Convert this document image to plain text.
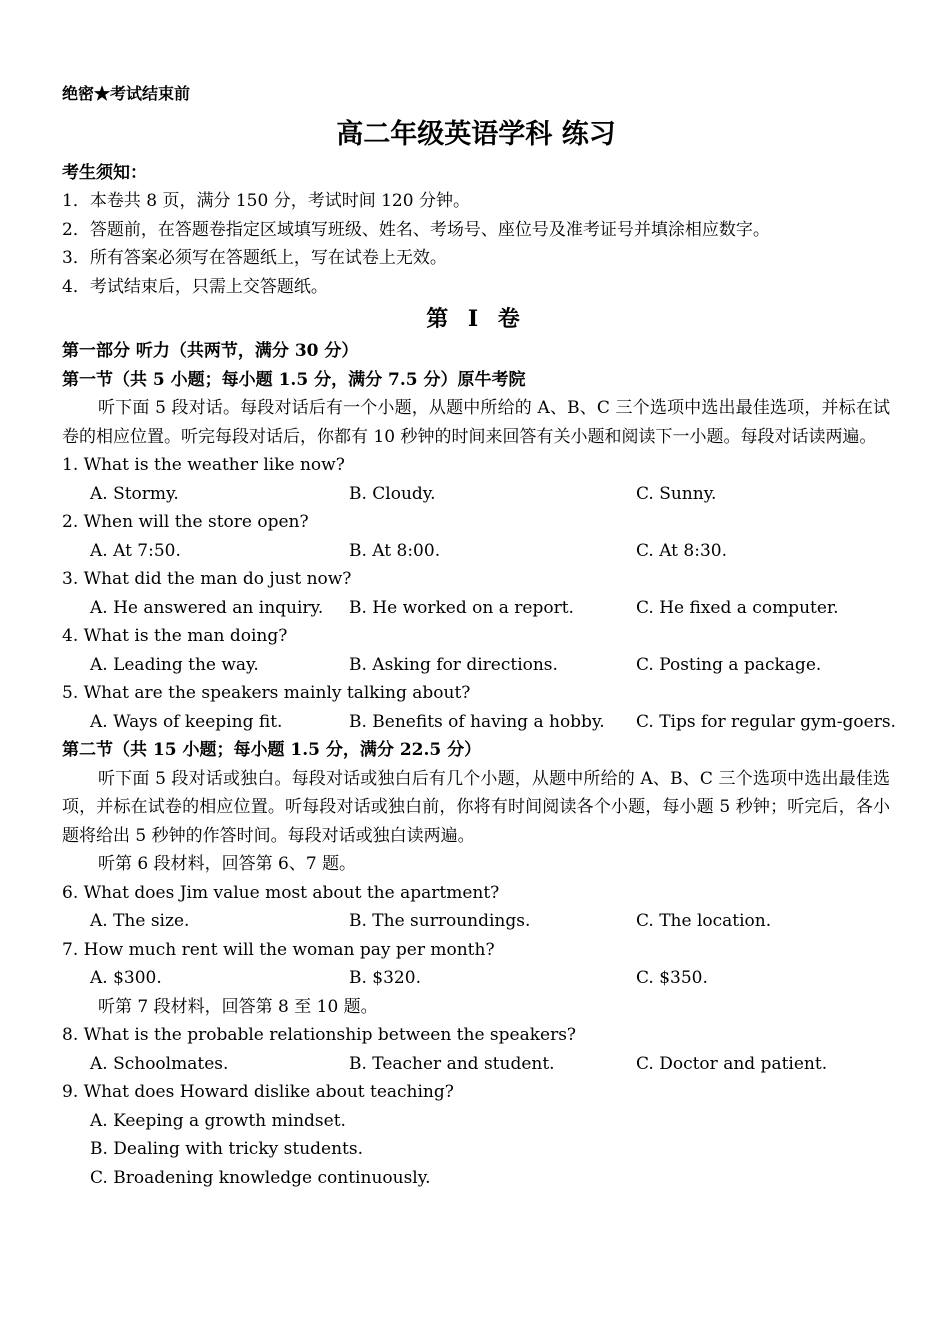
绝密★考试结束前
高二年级英语学科 练习
考生须知：
1．本卷共 8 页，满分 150 分，考试时间 120 分钟。
2．答题前，在答题卷指定区域填写班级、姓名、考场号、座位号及准考证号并填涂相应数字。
3．所有答案必须写在答题纸上，写在试卷上无效。
4．考试结束后，只需上交答题纸。
第 I 卷
第一部分 听力（共两节，满分 30 分）
第一节（共 5 小题；每小题 1.5 分，满分 7.5 分）原牛考院
听下面 5 段对话。每段对话后有一个小题，从题中所给的 A、B、C 三个选项中选出最佳选项，并标在试卷的相应位置。听完每段对话后，你都有 10 秒钟的时间来回答有关小题和阅读下一小题。每段对话读两遍。
1. What is the weather like now?
A. Stormy.	B. Cloudy.	C. Sunny.
2. When will the store open?
A. At 7:50.	B. At 8:00.	C. At 8:30.
3. What did the man do just now?
A. He answered an inquiry. B. He worked on a report.	C. He fixed a computer.
4. What is the man doing?
A. Leading the way.	B. Asking for directions.	C. Posting a package.
5. What are the speakers mainly talking about?
A. Ways of keeping fit.	B. Benefits of having a hobby. C. Tips for regular gym-goers.
第二节（共 15 小题；每小题 1.5 分，满分 22.5 分）
听下面 5 段对话或独白。每段对话或独白后有几个小题，从题中所给的 A、B、C 三个选项中选出最佳选项，并标在试卷的相应位置。听每段对话或独白前，你将有时间阅读各个小题，每小题 5 秒钟；听完后，各小题将给出 5 秒钟的作答时间。每段对话或独白读两遍。
听第 6 段材料，回答第 6、7 题。
6. What does Jim value most about the apartment?
A. The size.	B. The surroundings.	C. The location.
7. How much rent will the woman pay per month?
A. $300.	B. $320.	C. $350.
听第 7 段材料，回答第 8 至 10 题。
8. What is the probable relationship between the speakers?
A. Schoolmates.	B. Teacher and student.	C. Doctor and patient.
9. What does Howard dislike about teaching?
A. Keeping a growth mindset.
B. Dealing with tricky students.
C. Broadening knowledge continuously.
